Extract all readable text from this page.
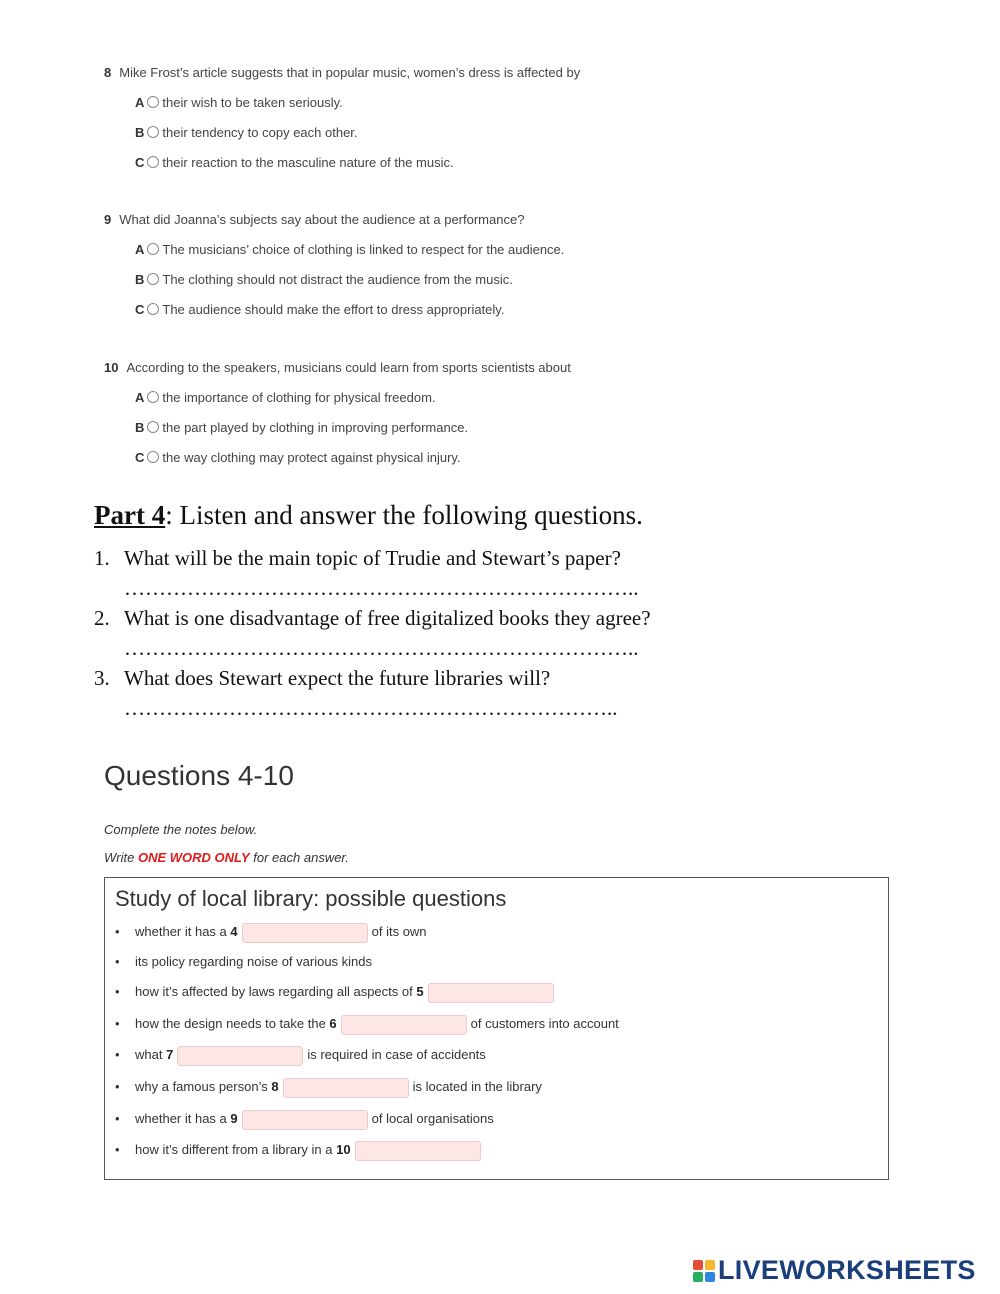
8 Mike Frost’s article suggests that in popular music, women’s dress is affected by
A their wish to be taken seriously.
B their tendency to copy each other.
C their reaction to the masculine nature of the music.
9 What did Joanna’s subjects say about the audience at a performance?
A The musicians’ choice of clothing is linked to respect for the audience.
B The clothing should not distract the audience from the music.
C The audience should make the effort to dress appropriately.
10 According to the speakers, musicians could learn from sports scientists about
A the importance of clothing for physical freedom.
B the part played by clothing in improving performance.
C the way clothing may protect against physical injury.
Part 4: Listen and answer the following questions.
1. What will be the main topic of Trudie and Stewart’s paper?
………………………………………………………………..
2. What is one disadvantage of free digitalized books they agree?
………………………………………………………………..
3. What does Stewart expect the future libraries will?
……………………………………………………………..
Questions 4-10
Complete the notes below.
Write ONE WORD ONLY for each answer.
Study of local library: possible questions
• whether it has a 4	of its own
• its policy regarding noise of various kinds
• how it’s affected by laws regarding all aspects of 5
• how the design needs to take the 6	of customers into account
• what 7	is required in case of accidents
• why a famous person’s 8	is located in the library
• whether it has a 9	of local organisations
• how it’s different from a library in a 10
LIVEWORKSHEETS
